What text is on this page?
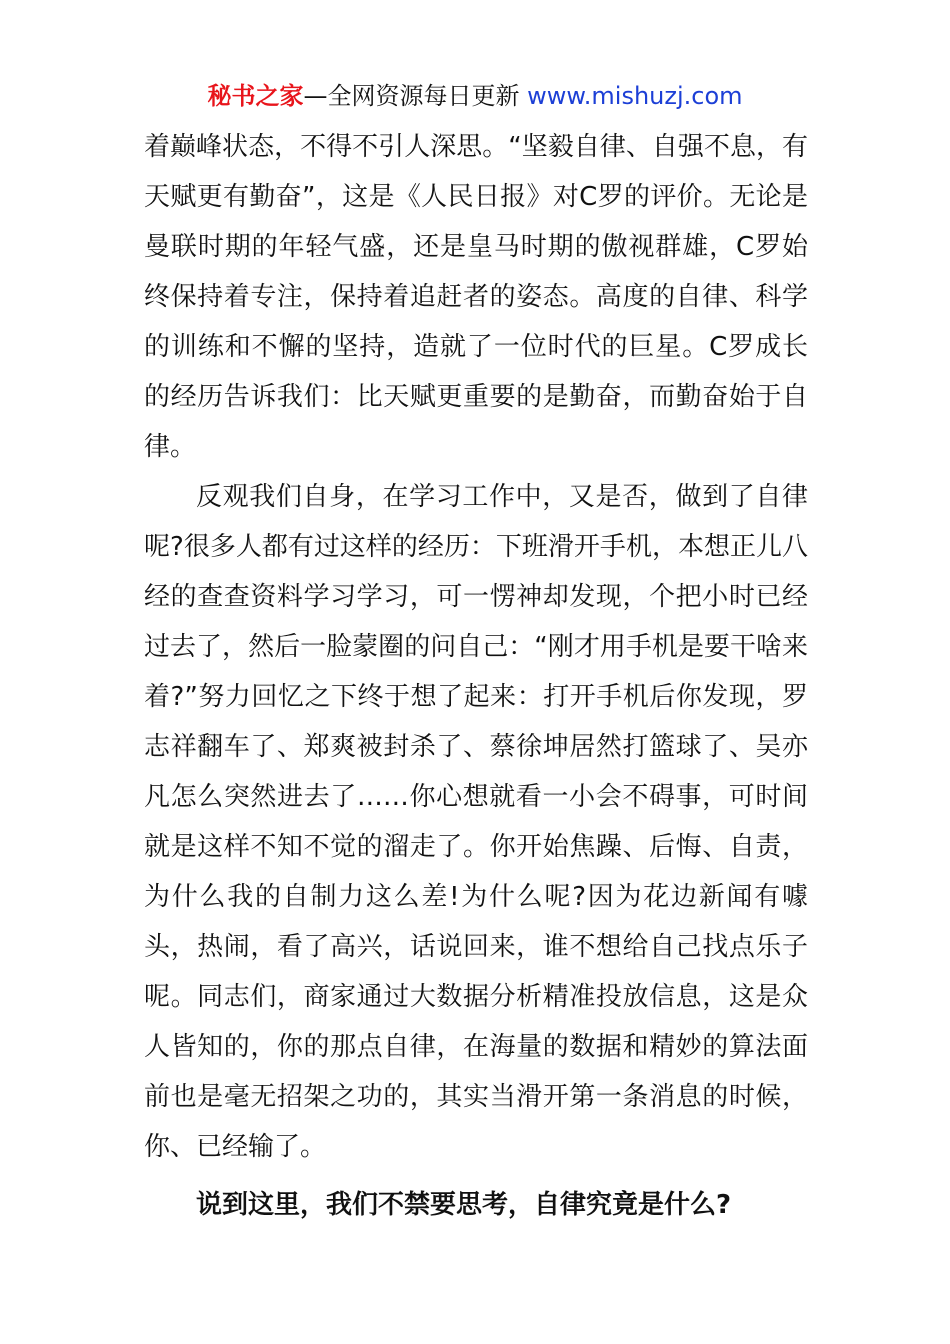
秘书之家—全网资源每日更新 www.mishuzj.com

着巅峰状态，不得不引人深思。“坚毅自律、自强不息，有天赋更有勤奋”，这是《人民日报》对C罗的评价。无论是曼联时期的年轻气盛，还是皇马时期的傲视群雄，C罗始终保持着专注，保持着追赶者的姿态。高度的自律、科学的训练和不懈的坚持，造就了一位时代的巨星。C罗成长的经历告诉我们：比天赋更重要的是勤奋，而勤奋始于自律。

反观我们自身，在学习工作中，又是否，做到了自律呢?很多人都有过这样的经历：下班滑开手机，本想正儿八经的查查资料学习学习，可一愣神却发现，个把小时已经过去了，然后一脸蒙圈的问自己：“刚才用手机是要干啥来着?”努力回忆之下终于想了起来：打开手机后你发现，罗志祥翻车了、郑爽被封杀了、蔡徐坤居然打篮球了、吴亦凡怎么突然进去了……你心想就看一小会不碍事，可时间就是这样不知不觉的溜走了。你开始焦躁、后悔、自责，为什么我的自制力这么差!为什么呢?因为花边新闻有噱头，热闹，看了高兴，话说回来，谁不想给自己找点乐子呢。同志们，商家通过大数据分析精准投放信息，这是众人皆知的，你的那点自律，在海量的数据和精妙的算法面前也是毫无招架之功的，其实当滑开第一条消息的时候，你、已经输了。

说到这里，我们不禁要思考，自律究竟是什么?
